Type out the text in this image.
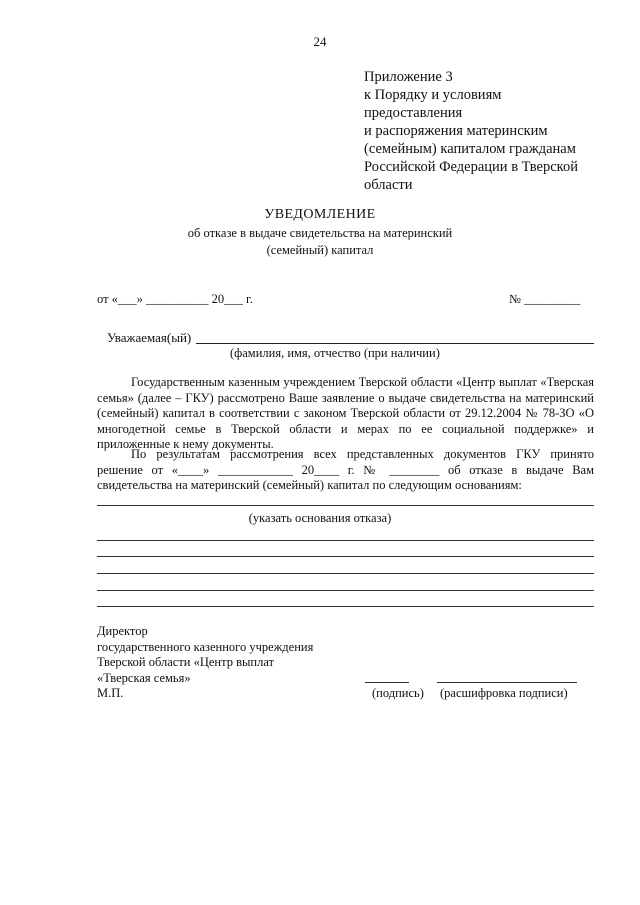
24
Приложение 3
к Порядку и условиям
предоставления
и распоряжения материнским
(семейным) капиталом гражданам
Российской Федерации в Тверской
области
УВЕДОМЛЕНИЕ
об отказе в выдаче свидетельства на материнский
(семейный) капитал
от «___» __________ 20___ г.	№ _________
Уважаемая(ый)
(фамилия, имя, отчество (при наличии)
Государственным казенным учреждением Тверской области «Центр выплат «Тверская семья» (далее – ГКУ) рассмотрено Ваше заявление о выдаче свидетельства на материнский (семейный) капитал в соответствии с законом Тверской области от 29.12.2004 № 78-ЗО «О многодетной семье в Тверской области и мерах по ее социальной поддержке» и приложенные к нему документы.
По результатам рассмотрения всех представленных документов ГКУ принято решение от «____» ____________ 20____ г. № ________ об отказе в выдаче Вам свидетельства на материнский (семейный) капитал по следующим основаниям:
(указать основания отказа)
Директор
государственного казенного учреждения
Тверской области «Центр выплат
«Тверская семья»
М.П.	(подпись) (расшифровка подписи)
